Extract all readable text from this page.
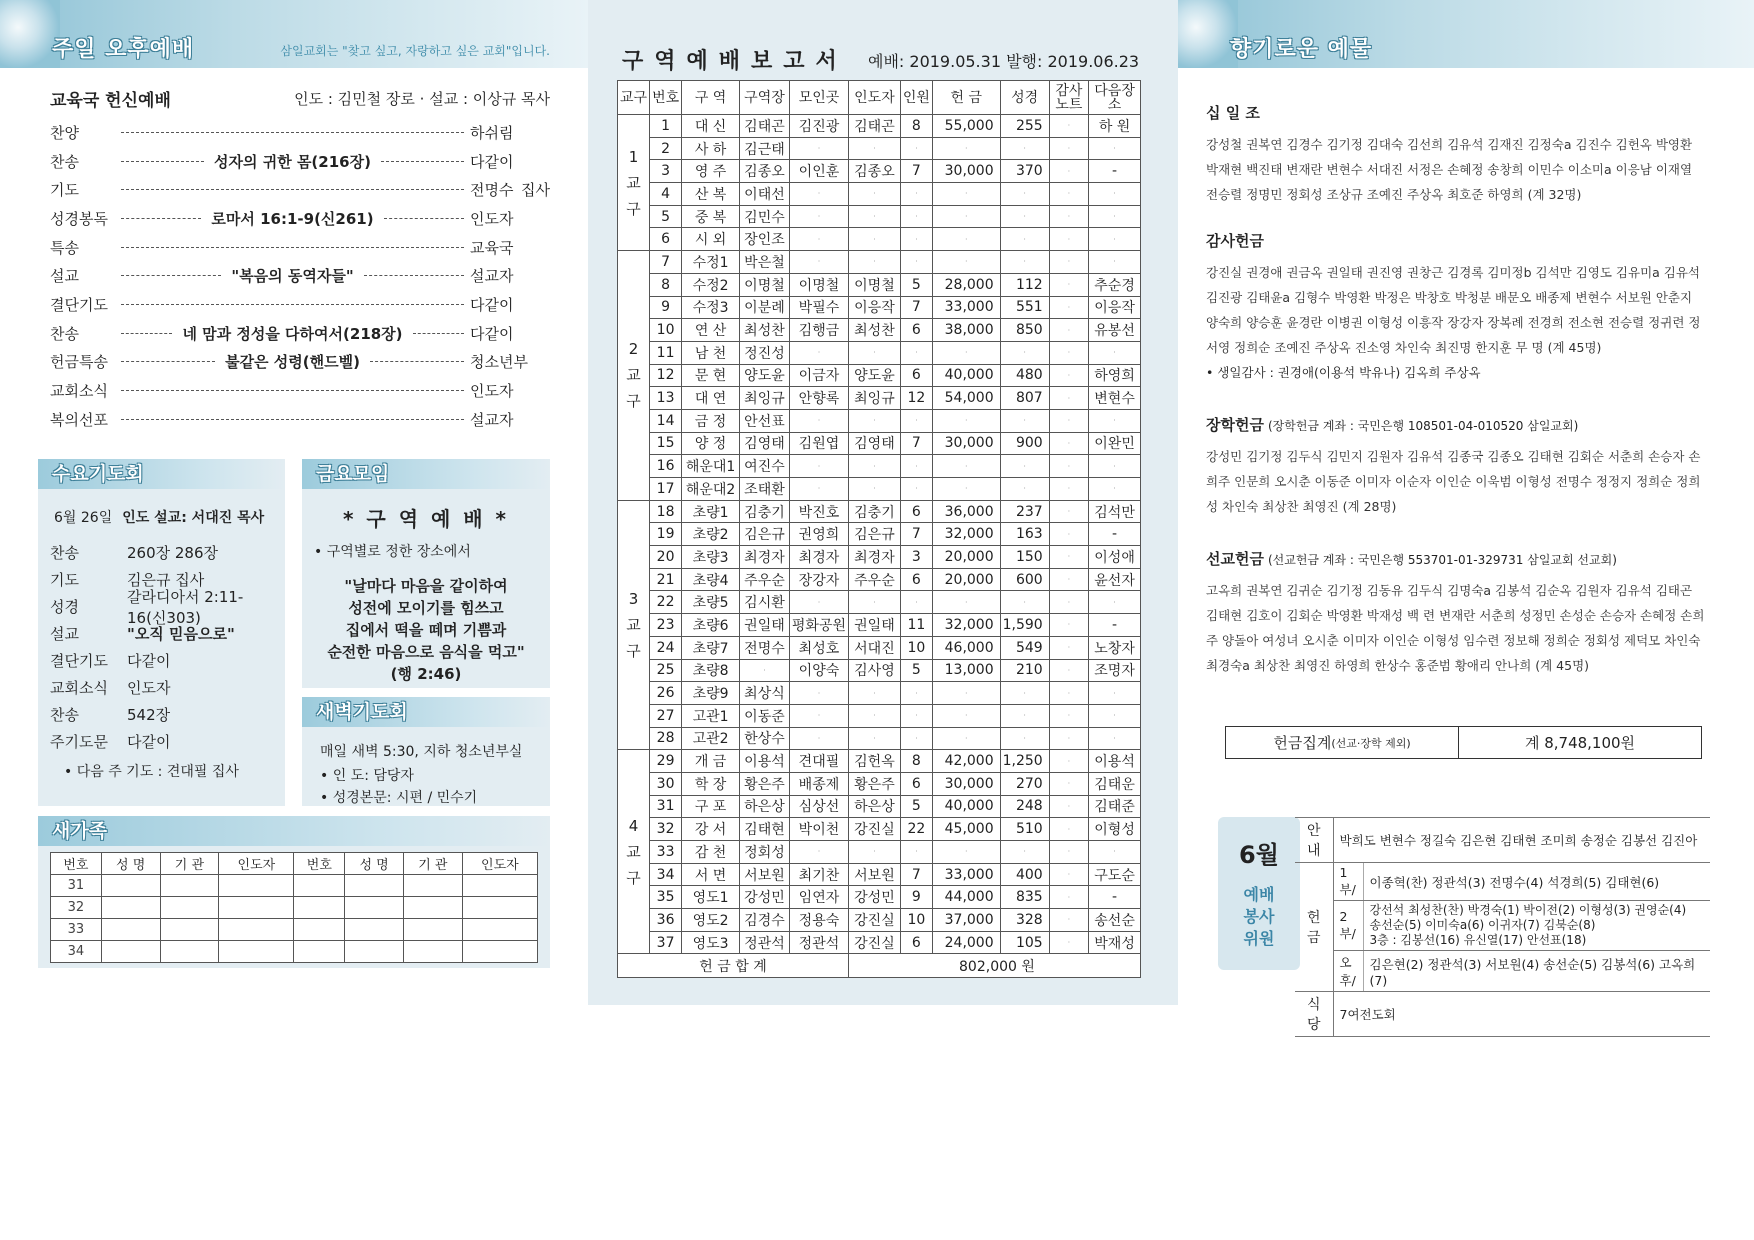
주일 오후예배	삼일교회는 "찾고 싶고, 자랑하고 싶은 교회"입니다.
교육국 헌신예배	인도 : 김민철 장로 · 설교 : 이상규 목사
찬양	하쉬림
찬송	성자의 귀한 몸(216장)	다같이
기도	전명수 집사
성경봉독	로마서 16:1-9(신261)	인도자
특송	교육국
설교	"복음의 동역자들"	설교자
결단기도	다같이
찬송	네 맘과 정성을 다하여서(218장)	다같이
헌금특송	불같은 성령(핸드벨)	청소년부
교회소식	인도자
복의선포	설교자
수요기도회
6월 26일 인도 설교: 서대진 목사
찬송	260장 286장
기도	김은규 집사
성경
갈라디아서 2:11-16(신303)
설교	"오직 믿음으로"
결단기도	다같이
교회소식	인도자
찬송	542장
주기도문	다같이
• 다음 주 기도 : 견대필 집사
금요모임
* 구 역 예 배 *
• 구역별로 정한 장소에서
"날마다 마음을 같이하여
성전에 모이기를 힘쓰고
집에서 떡을 떼며 기쁨과
순전한 마음으로 음식을 먹고"
(행 2:46)
새벽기도회
매일 새벽 5:30, 지하 청소년부실
• 인 도: 담당자
• 성경본문: 시편 / 민수기
새가족
번호	성 명	기 관	인도자	번호	성 명	기 관	인도자
31							
32							
33							
34							
구역예배보고서 예배: 2019.05.31 발행: 2019.06.23
교구	번호	구 역	구역장	모인곳	인도자	인원	헌 금	성경	감사노트	다음장소

1
교
구	1	대 신	김태곤	김진광	김태곤	8	55,000	255	·	하 원
	2	사 하	김근태	·	·	·	·	·	·	·
	3	영 주	김종오	이인훈	김종오	7	30,000	370	·	-
	4	산 복	이태선	·	·	·	·	·	·	·
	5	중 복	김민수	·	·	·	·	·	·	·
	6	시 외	장인조	·	·	·	·	·	·	·

2
교
구	7	수정1	박은철	·	·	·	·	·	·	·
	8	수정2	이명철	이명철	이명철	5	28,000	112	·	추순경
	9	수정3	이분례	박필수	이응작	7	33,000	551	·	이응작
	10	연 산	최성찬	김행금	최성찬	6	38,000	850	·	유봉선
	11	남 천	정진성	·	·	·	·	·	·	·
	12	문 현	양도윤	이금자	양도윤	6	40,000	480	·	하영희
	13	대 연	최잉규	안향록	최잉규	12	54,000	807	·	변현수
	14	금 정	안선표	·	·	·	·	·	·	·
	15	양 정	김영태	김원엽	김영태	7	30,000	900	·	이완민
	16	해운대1	여진수	·	·	·	·	·	·	·
	17	해운대2	조태환	·	·	·	·	·	·	·

3
교
구	18	초량1	김충기	박진호	김충기	6	36,000	237	·	김석만
	19	초량2	김은규	권영희	김은규	7	32,000	163	·	-
	20	초량3	최경자	최경자	최경자	3	20,000	150	·	이성애
	21	초량4	주우순	장강자	주우순	6	20,000	600	·	윤선자
	22	초량5	김시환	·	·	·	·	·	·	·
	23	초량6	권일태	평화공원	권일태	11	32,000	1,590	·	-
	24	초량7	전명수	최성호	서대진	10	46,000	549	·	노창자
	25	초량8	·	이양숙	김사영	5	13,000	210	·	조명자
	26	초량9	최상식	·	·	·	·	·	·	·
	27	고관1	이동준	·	·	·	·	·	·	·
	28	고관2	한상수	·	·	·	·	·	·	·

4
교
구	29	개 금	이용석	견대필	김헌옥	8	42,000	1,250	·	이용석
	30	학 장	황은주	배종제	황은주	6	30,000	270	·	김태운
	31	구 포	하은상	심상선	하은상	5	40,000	248	·	김태준
	32	강 서	김태현	박이천	강진실	22	45,000	510	·	이형성
	33	감 천	정회성	·	·	·	·	·	·	·
	34	서 면	서보원	최기찬	서보원	7	33,000	400	·	구도순
	35	영도1	강성민	임연자	강성민	9	44,000	835	·	-
	36	영도2	김경수	정용숙	강진실	10	37,000	328	·	송선순
	37	영도3	정관석	정관석	강진실	6	24,000	105	·	박재성
헌 금 합 계					802,000 원					
향기로운 예물
십 일 조

강성철 권복연 김경수 김기정 김대숙 김선희 김유석 김재진 김정숙a 김진수 김헌옥 박영환 박재현 백진태 변재란 변현수 서대진 서정은 손혜정 송창희 이민수 이소미a 이응남 이재열 전승렬 정명민 정회성 조상규 조예진 주상옥 최호준 하영희 (계 32명)

감사헌금

강진실 권경애 권금옥 권일태 권진영 권창근 김경록 김미정b 김석만 김영도 김유미a 김유석 김진광 김태윤a 김형수 박영환 박정은 박창호 박청분 배문오 배종제 변현수 서보원 안춘지 양숙희 양승훈 윤경란 이병권 이형성 이흥작 장강자 장복례 전경희 전소현 전승렬 정귀련 정서영 정희순 조예진 주상옥 진소영 차인숙 최진명 한지훈 무 명 (계 45명)

• 생일감사 : 권경애(이용석 박유나) 김옥희 주상옥
장학헌금 (장학헌금 계좌 : 국민은행 108501-04-010520 삼일교회)

강성민 김기정 김두식 김민지 김원자 김유석 김종국 김종오 김태현 김회순 서춘희 손승자 손희주 인문희 오시춘 이동준 이미자 이순자 이인순 이욱범 이형성 전명수 정정지 정희순 정희성 차인숙 최상찬 최영진 (계 28명)

선교헌금 (선교헌금 계좌 : 국민은행 553701-01-329731 삼일교회 선교회)

고옥희 권복연 김귀순 김기정 김동유 김두식 김명숙a 김봉석 김순옥 김원자 김유석 김태곤 김태현 김호이 김회순 박영환 박재성 백 련 변재란 서춘희 성정민 손성순 손승자 손혜정 손희주 양돌아 여성녀 오시춘 이미자 이인순 이형성 임수련 정보해 정희순 정회성 제덕모 차인숙 최경숙a 최상찬 최영진 하영희 한상수 홍준범 황애리 안나희 (계 45명)

헌금집계 (선교·장학 제외)	계 8,748,100원
6월
예배
봉사
위원
안내	박희도 변현수 정길숙 김은현 김태현 조미희 송정순 김봉선 김진아	
헌금	1부/	이종혁(찬) 정관석(3) 전명수(4) 석경희(5) 김태현(6)
	2부/	강선석 최성찬(찬) 박경숙(1) 박이전(2) 이형성(3) 권영순(4)
송선순(5) 이미숙a(6) 이귀자(7) 김북순(8)
3층 : 김봉선(16) 유신열(17) 안선표(18)

	오후/	김은현(2) 정관석(3) 서보원(4) 송선순(5) 김봉석(6) 고옥희(7)
식당	7여전도회	
